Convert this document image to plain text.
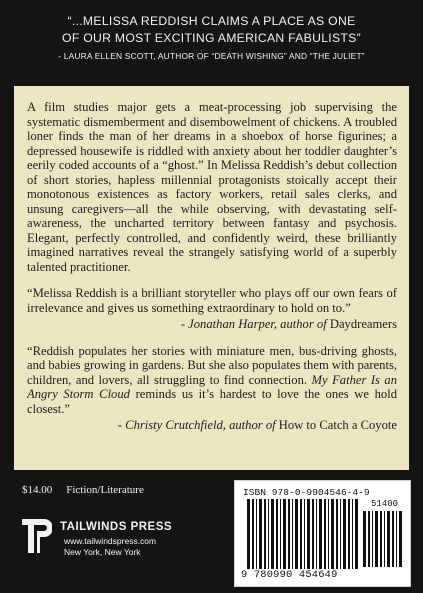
“...MELISSA REDDISH CLAIMS A PLACE AS ONE
OF OUR MOST EXCITING AMERICAN FABULISTS”
- LAURA ELLEN SCOTT, AUTHOR OF “DEATH WISHING” AND “THE JULIET”

A film studies major gets a meat-processing job supervising the systematic dismemberment and disembowelment of chickens. A troubled loner finds the man of her dreams in a shoebox of horse figurines; a depressed housewife is riddled with anxiety about her toddler daughter’s eerily coded accounts of a “ghost.” In Melissa Reddish’s debut collection of short stories, hapless millennial protagonists stoically accept their monotonous existences as factory workers, retail sales clerks, and unsung caregivers—all the while observing, with devastating self-awareness, the uncharted territory between fantasy and psychosis. Elegant, perfectly controlled, and confidently weird, these brilliantly imagined narratives reveal the strangely satisfying world of a superbly talented practitioner.

“Melissa Reddish is a brilliant storyteller who plays off our own fears of irrelevance and gives us something extraordinary to hold on to.”

- Jonathan Harper, author of Daydreamers

“Reddish populates her stories with miniature men, bus-driving ghosts, and babies growing in gardens. But she also populates them with parents, children, and lovers, all struggling to find connection. My Father Is an Angry Storm Cloud reminds us it’s hardest to love the ones we hold closest.”

- Christy Crutchfield, author of How to Catch a Coyote
$14.00 Fiction/Literature
TAILWINDS PRESS
www.tailwindspress.com
New York, New York
ISBN 978-0-9904546-4-9
51400
9 780990 454649
